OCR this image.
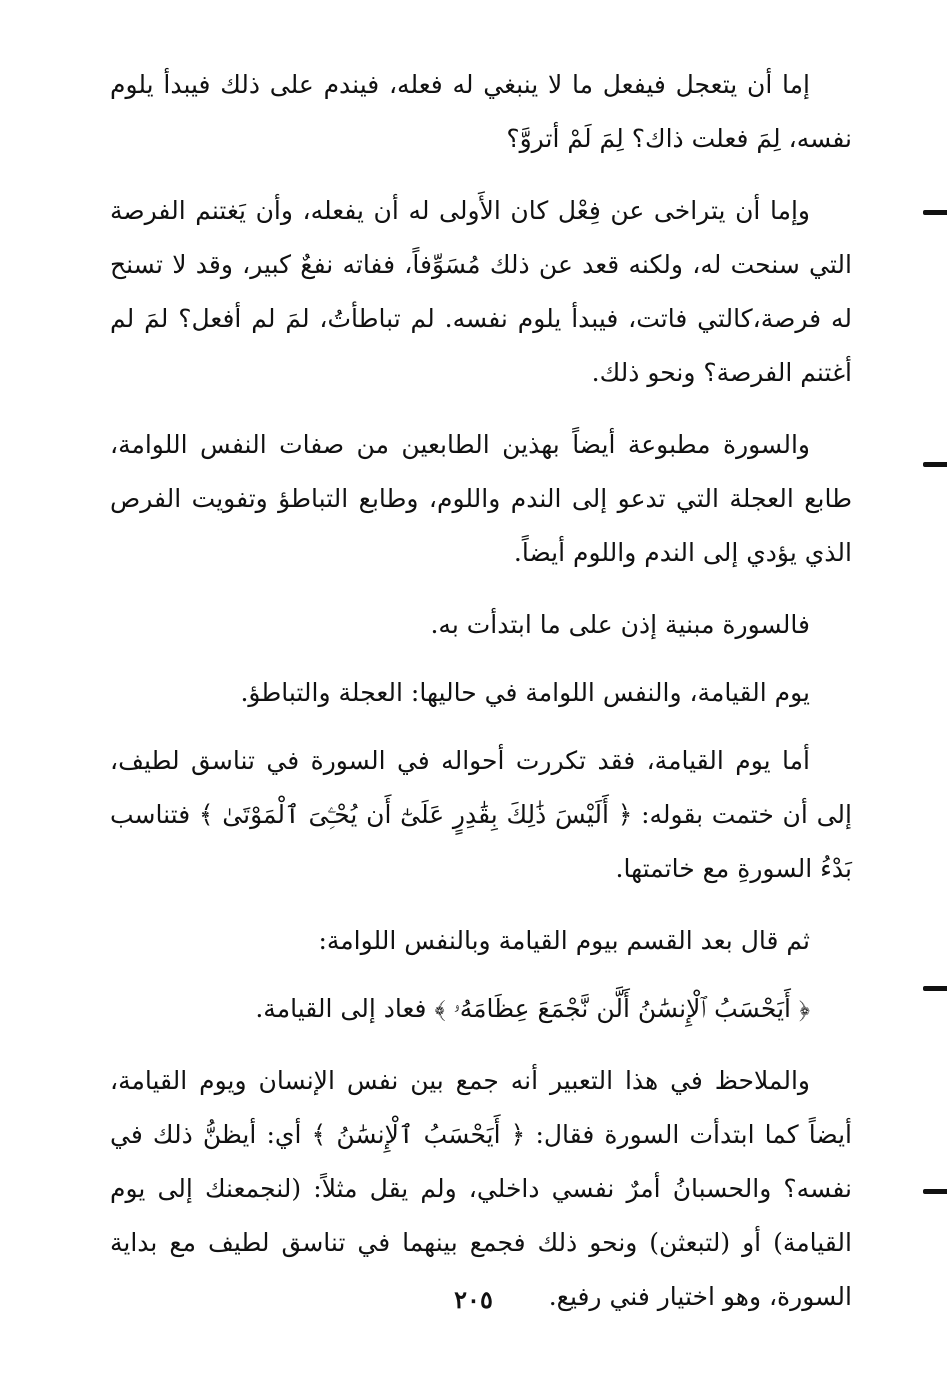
إما أن يتعجل فيفعل ما لا ينبغي له فعله، فيندم على ذلك فيبدأ يلوم نفسه، لِمَ فعلت ذاك؟ لِمَ لَمْ أتروَّ؟

وإما أن يتراخى عن فِعْل كان الأَولى له أن يفعله، وأن يَغتنم الفرصة التي سنحت له، ولكنه قعد عن ذلك مُسَوِّفاً، ففاته نفعٌ كبير، وقد لا تسنح له فرصة،كالتي فاتت، فيبدأ يلوم نفسه. لم تباطأتُ، لمَ لم أفعل؟ لمَ لم أغتنم الفرصة؟ ونحو ذلك.

والسورة مطبوعة أيضاً بهذين الطابعين من صفات النفس اللوامة، طابع العجلة التي تدعو إلى الندم واللوم، وطابع التباطؤ وتفويت الفرص الذي يؤدي إلى الندم واللوم أيضاً.

فالسورة مبنية إذن على ما ابتدأت به.

يوم القيامة، والنفس اللوامة في حاليها: العجلة والتباطؤ.

أما يوم القيامة، فقد تكررت أحواله في السورة في تناسق لطيف، إلى أن ختمت بقوله: ﴿ أَلَيْسَ ذَٰلِكَ بِقَٰدِرٍ عَلَىٰٓ أَن يُحْـِۧىَ ٱلْمَوْتَىٰ ﴾ فتناسب بَدْءُ السورةِ مع خاتمتها.

ثم قال بعد القسم بيوم القيامة وبالنفس اللوامة:

﴿ أَيَحْسَبُ ٱلْإِنسَٰنُ أَلَّن نَّجْمَعَ عِظَامَهُۥ ﴾ فعاد إلى القيامة.

والملاحظ في هذا التعبير أنه جمع بين نفس الإنسان ويوم القيامة، أيضاً كما ابتدأت السورة فقال: ﴿ أَيَحْسَبُ ٱلْإِنسَٰنُ ﴾ أي: أيظنُّ ذلك في نفسه؟ والحسبانُ أمرٌ نفسي داخلي، ولم يقل مثلاً: (لنجمعنك إلى يوم القيامة) أو (لتبعثن) ونحو ذلك فجمع بينهما في تناسق لطيف مع بداية السورة، وهو اختيار فني رفيع.

٢٠٥
